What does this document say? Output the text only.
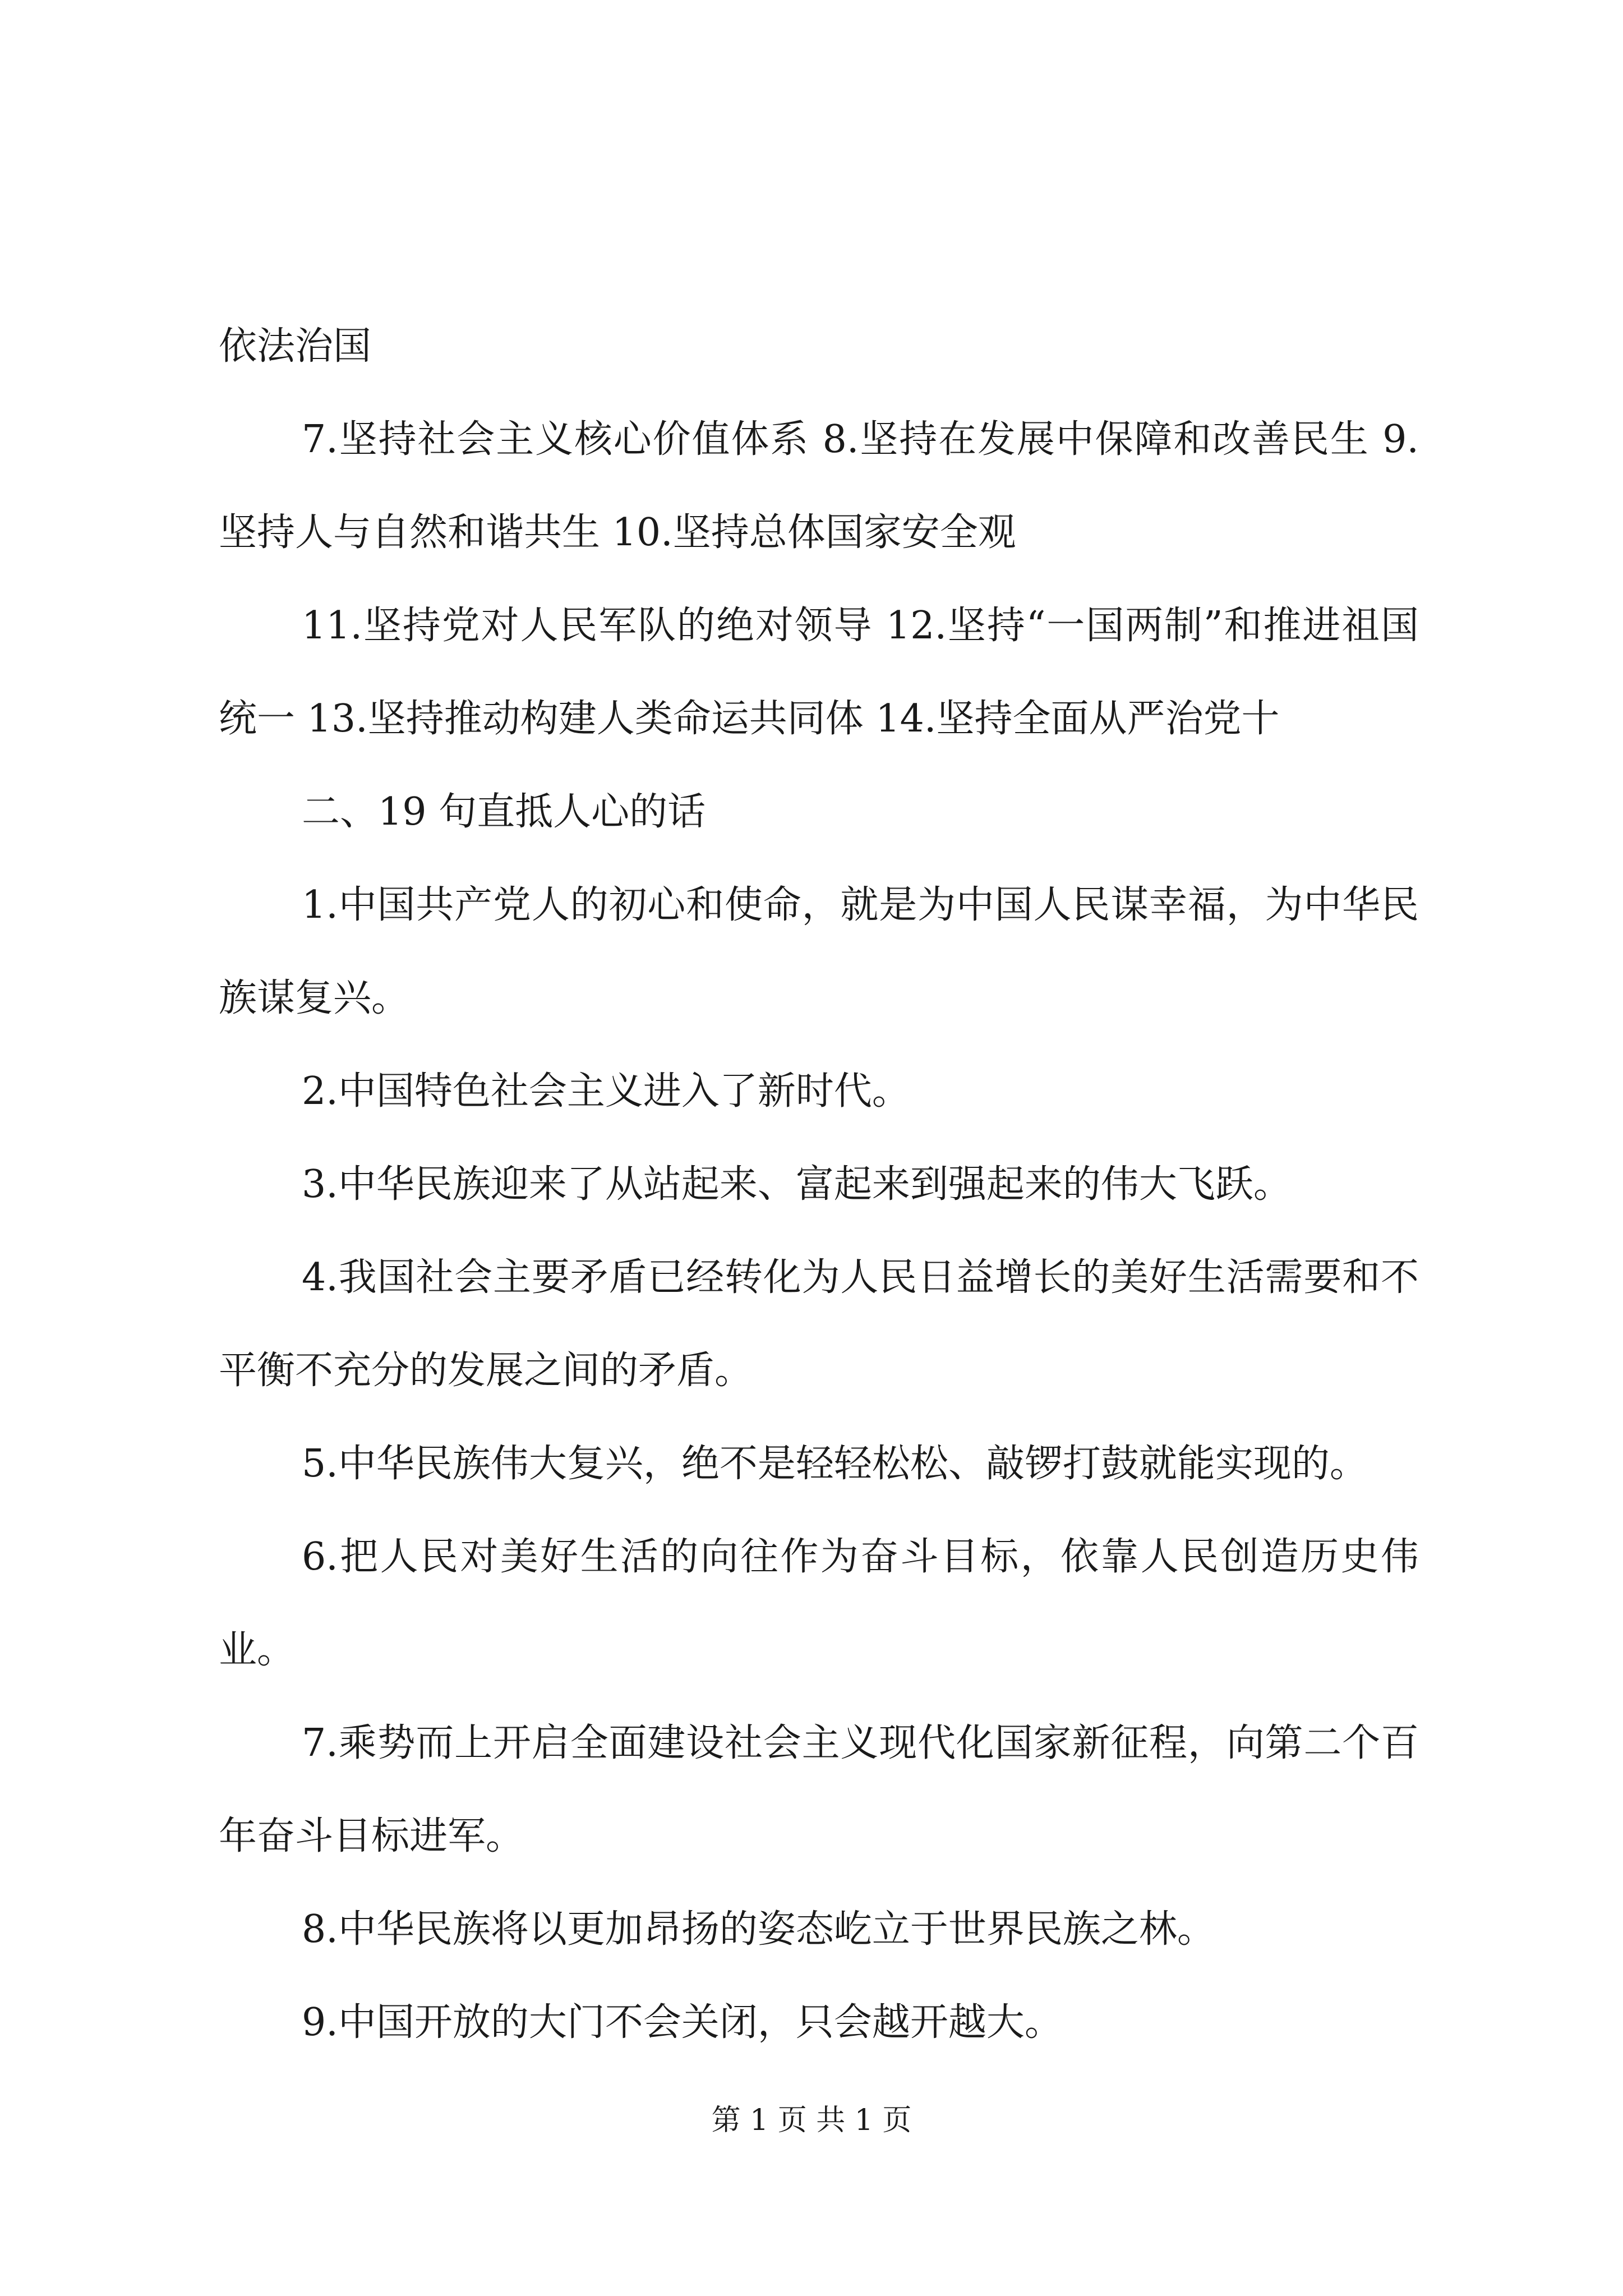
依法治国

7.坚持社会主义核心价值体系 8.坚持在发展中保障和改善民生 9.坚持人与自然和谐共生 10.坚持总体国家安全观

11.坚持党对人民军队的绝对领导 12.坚持“一国两制”和推进祖国统一 13.坚持推动构建人类命运共同体 14.坚持全面从严治党十

二、19 句直抵人心的话

1.中国共产党人的初心和使命，就是为中国人民谋幸福，为中华民族谋复兴。

2.中国特色社会主义进入了新时代。

3.中华民族迎来了从站起来、富起来到强起来的伟大飞跃。

4.我国社会主要矛盾已经转化为人民日益增长的美好生活需要和不平衡不充分的发展之间的矛盾。

5.中华民族伟大复兴，绝不是轻轻松松、敲锣打鼓就能实现的。

6.把人民对美好生活的向往作为奋斗目标，依靠人民创造历史伟业。

7.乘势而上开启全面建设社会主义现代化国家新征程，向第二个百年奋斗目标进军。

8.中华民族将以更加昂扬的姿态屹立于世界民族之林。

9.中国开放的大门不会关闭，只会越开越大。

第 1 页 共 1 页
